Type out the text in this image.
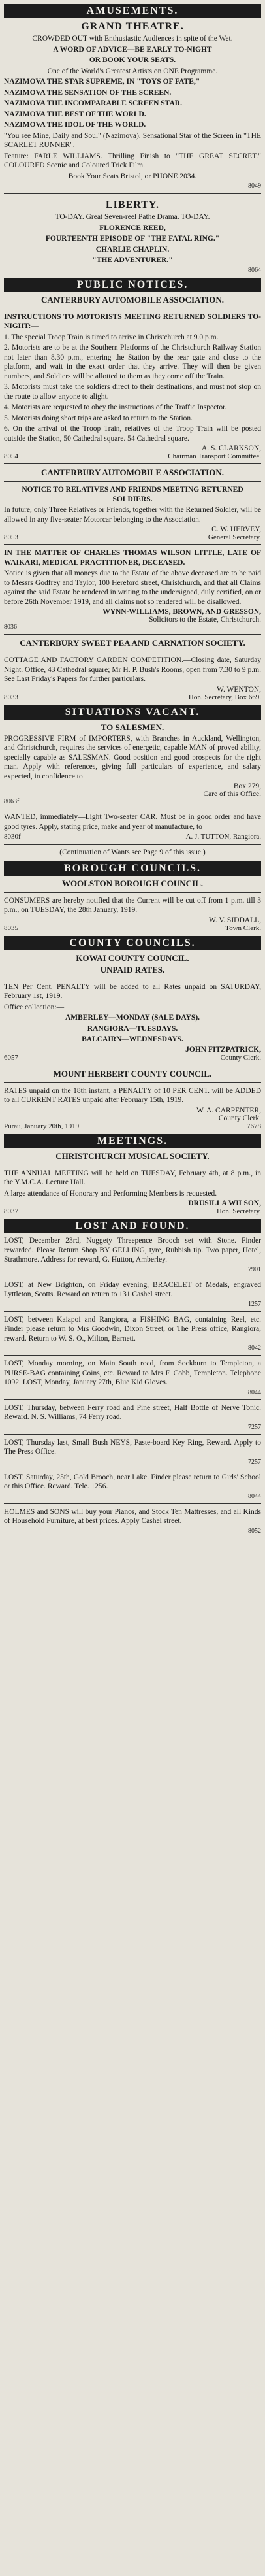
AMUSEMENTS.
GRAND THEATRE.

CROWDED OUT with Enthusiastic Audiences in spite of the Wet.

A WORD OF ADVICE—BE EARLY TO-NIGHT

OR BOOK YOUR SEATS.

One of the World's Greatest Artists on ONE Programme.

NAZIMOVA THE STAR SUPREME, IN "TOYS OF FATE,"

NAZIMOVA THE SENSATION OF THE SCREEN.

NAZIMOVA THE INCOMPARABLE SCREEN STAR.

NAZIMOVA THE BEST OF THE WORLD.

NAZIMOVA THE IDOL OF THE WORLD.

"You see Mine, Daily and Soul" (Nazimova). Sensational Star of the Screen in "THE SCARLET RUNNER".

Feature: FARLE WILLIAMS. Thrilling Finish to "THE GREAT SECRET." COLOURED Scenic and Coloured Trick Film.

Book Your Seats Bristol, or PHONE 2034.

8049
LIBERTY.

TO-DAY. Great Seven-reel Pathe Drama. TO-DAY.

FLORENCE REED,

FOURTEENTH EPISODE OF "THE FATAL RING."

CHARLIE CHAPLIN.

"THE ADVENTURER."

8064
PUBLIC NOTICES.
CANTERBURY AUTOMOBILE ASSOCIATION.

INSTRUCTIONS TO MOTORISTS MEETING RETURNED SOLDIERS TO-NIGHT:—

1. The special Troop Train is timed to arrive in Christchurch at 9.0 p.m.

2. Motorists are to be at the Southern Platforms of the Christchurch Railway Station not later than 8.30 p.m., entering the Station by the rear gate and close to the platform, and wait in the exact order that they arrive. They will then be given numbers, and Soldiers will be allotted to them as they come off the Train.

3. Motorists must take the soldiers direct to their destinations, and must not stop on the route to allow anyone to alight.

4. Motorists are requested to obey the instructions of the Traffic Inspector.

5. Motorists doing short trips are asked to return to the Station.

6. On the arrival of the Troop Train, relatives of the Troop Train will be posted outside the Station, 50 Cathedral square. 54 Cathedral square.

A. S. CLARKSON,
8054	Chairman Transport Committee.
CANTERBURY AUTOMOBILE ASSOCIATION.

NOTICE TO RELATIVES AND FRIENDS MEETING RETURNED SOLDIERS.

In future, only Three Relatives or Friends, together with the Returned Soldier, will be allowed in any five-seater Motorcar belonging to the Association.

C. W. HERVEY,
8053	General Secretary.

IN THE MATTER OF CHARLES THOMAS WILSON LITTLE, LATE OF WAIKARI, MEDICAL PRACTITIONER, DECEASED.

Notice is given that all moneys due to the Estate of the above deceased are to be paid to Messrs Godfrey and Taylor, 100 Hereford street, Christchurch, and that all Claims against the said Estate be rendered in writing to the undersigned, duly certified, on or before 26th November 1919, and all claims not so rendered will be disallowed.

WYNN-WILLIAMS, BROWN, AND GRESSON,
Solicitors to the Estate, Christchurch.
8036
CANTERBURY SWEET PEA AND CARNATION SOCIETY.

COTTAGE AND FACTORY GARDEN COMPETITION.—Closing date, Saturday Night. Office, 43 Cathedral square; Mr H. P. Bush's Rooms, open from 7.30 to 9 p.m. See Last Friday's Papers for further particulars.

W. WENTON,
8033	Hon. Secretary, Box 669.
SITUATIONS VACANT.
TO SALESMEN.

PROGRESSIVE FIRM of IMPORTERS, with Branches in Auckland, Wellington, and Christchurch, requires the services of energetic, capable MAN of proved ability, specially capable as SALESMAN. Good position and good prospects for the right man. Apply with references, giving full particulars of experience, and salary expected, in confidence to

Box 279,
Care of this Office.
8063f

WANTED, immediately—Light Two-seater CAR. Must be in good order and have good tyres. Apply, stating price, make and year of manufacture, to

8030f	A. J. TUTTON, Rangiora.

(Continuation of Wants see Page 9 of this issue.)

BOROUGH COUNCILS.
WOOLSTON BOROUGH COUNCIL.

CONSUMERS are hereby notified that the Current will be cut off from 1 p.m. till 3 p.m., on TUESDAY, the 28th January, 1919.

W. V. SIDDALL,
8035	Town Clerk.
COUNTY COUNCILS.
KOWAI COUNTY COUNCIL.
UNPAID RATES.

TEN Per Cent. PENALTY will be added to all Rates unpaid on SATURDAY, February 1st, 1919.

Office collection:—

AMBERLEY—MONDAY (SALE DAYS).

RANGIORA—TUESDAYS.

BALCAIRN—WEDNESDAYS.

JOHN FITZPATRICK,
6057	County Clerk.
MOUNT HERBERT COUNTY COUNCIL.

RATES unpaid on the 18th instant, a PENALTY of 10 PER CENT. will be ADDED to all CURRENT RATES unpaid after February 15th, 1919.

W. A. CARPENTER,
County Clerk.
Purau, January 20th, 1919.	7678
MEETINGS.
CHRISTCHURCH MUSICAL SOCIETY.

THE ANNUAL MEETING will be held on TUESDAY, February 4th, at 8 p.m., in the Y.M.C.A. Lecture Hall.

A large attendance of Honorary and Performing Members is requested.

DRUSILLA WILSON,
8037	Hon. Secretary.
LOST AND FOUND.

LOST, December 23rd, Nuggety Threepence Brooch set with Stone. Finder rewarded. Please Return Shop BY GELLING, tyre, Rubbish tip. Two paper, Hotel, Strathmore. Address for reward, G. Hutton, Amberley.

7901

LOST, at New Brighton, on Friday evening, BRACELET of Medals, engraved Lyttleton, Scotts. Reward on return to 131 Cashel street.

1257

LOST, between Kaiapoi and Rangiora, a FISHING BAG, containing Reel, etc. Finder please return to Mrs Goodwin, Dixon Street, or The Press office, Rangiora, reward. Return to W. S. O., Milton, Barnett.

8042

LOST, Monday morning, on Main South road, from Sockburn to Templeton, a PURSE-BAG containing Coins, etc. Reward to Mrs F. Cobb, Templeton. Telephone 1092. LOST, Monday, January 27th, Blue Kid Gloves.

8044

LOST, Thursday, between Ferry road and Pine street, Half Bottle of Nerve Tonic. Reward. N. S. Williams, 74 Ferry road.

7257

LOST, Thursday last, Small Bush NEYS, Paste-board Key Ring, Reward. Apply to The Press Office.

7257

LOST, Saturday, 25th, Gold Brooch, near Lake. Finder please return to Girls' School or this Office. Reward. Tele. 1256.

8044

HOLMES and SONS will buy your Pianos, and Stock Ten Mattresses, and all Kinds of Household Furniture, at best prices. Apply Cashel street.

8052
